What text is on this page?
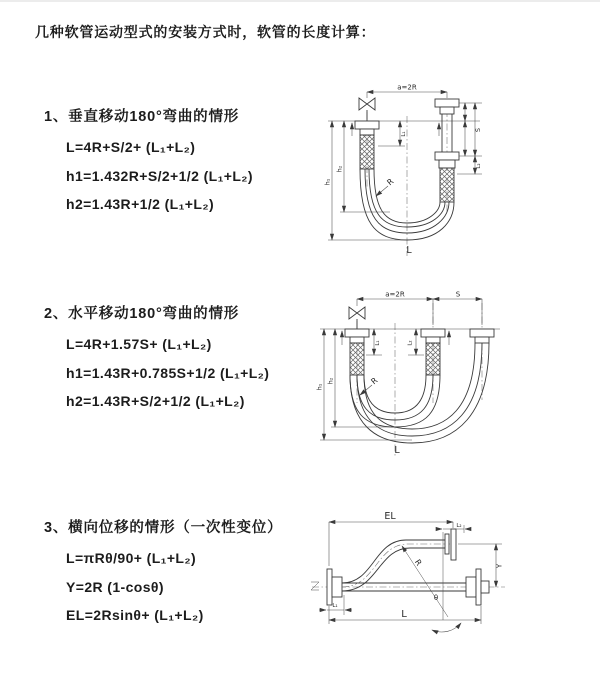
几种软管运动型式的安装方式时，软管的长度计算：
1、垂直移动180°弯曲的情形
L=4R+S/2+ (L₁+L₂)
h1=1.432R+S/2+1/2 (L₁+L₂)
h2=1.43R+1/2 (L₁+L₂)
2、水平移动180°弯曲的情形
L=4R+1.57S+ (L₁+L₂)
h1=1.43R+0.785S+1/2 (L₁+L₂)
h2=1.43R+S/2+1/2 (L₁+L₂)
3、横向位移的情形（一次性变位）
L=πRθ/90+ (L₁+L₂)
Y=2R (1-cosθ)
EL=2Rsinθ+ (L₁+L₂)
a=2R
h₁
h₂
S
L₂
L₁
R
L
a=2R	S
h₁
h₂
L₁	L₂
R
L
EL
L₂
Y
L₁
L
θ
R
